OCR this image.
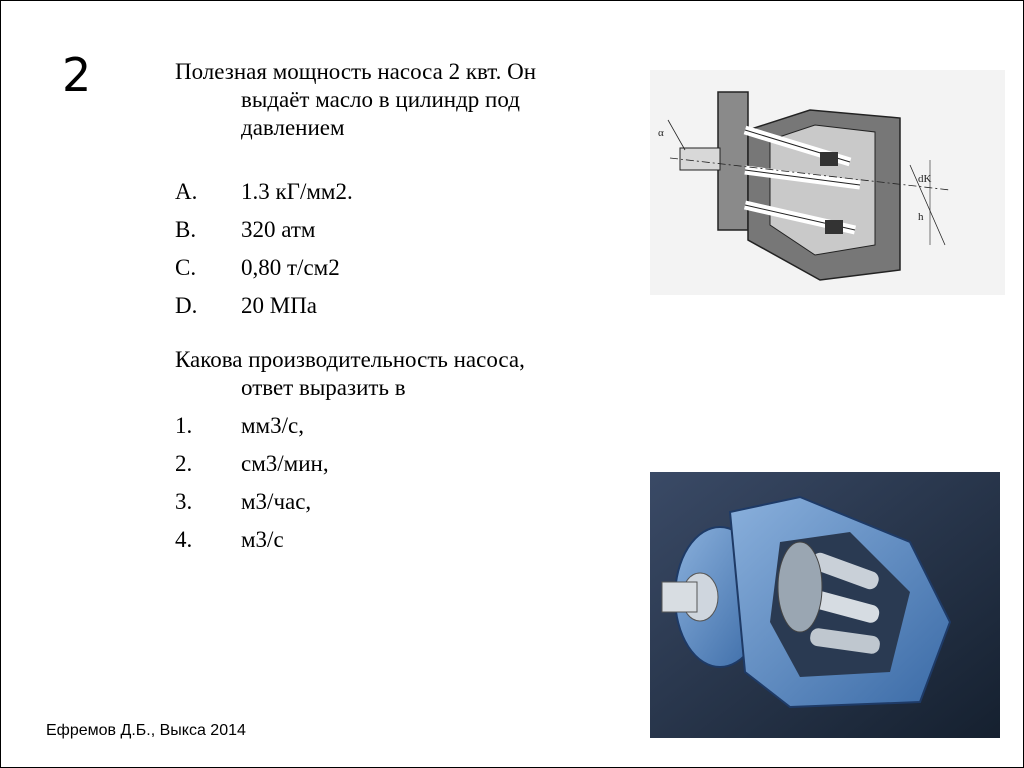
2	Полезная мощность насоса 2 квт. Он
выдаёт масло в цилиндр под
давлением
A.	1.3 кГ/мм2.
B.	320 атм
C.	0,80 т/см2
D.	20 МПа
Какова производительность насоса,
ответ выразить в
1.	мм3/с,
2.	см3/мин,
3.	м3/час,
4.	м3/с
α
dK
h
Ефремов Д.Б., Выкса 2014
